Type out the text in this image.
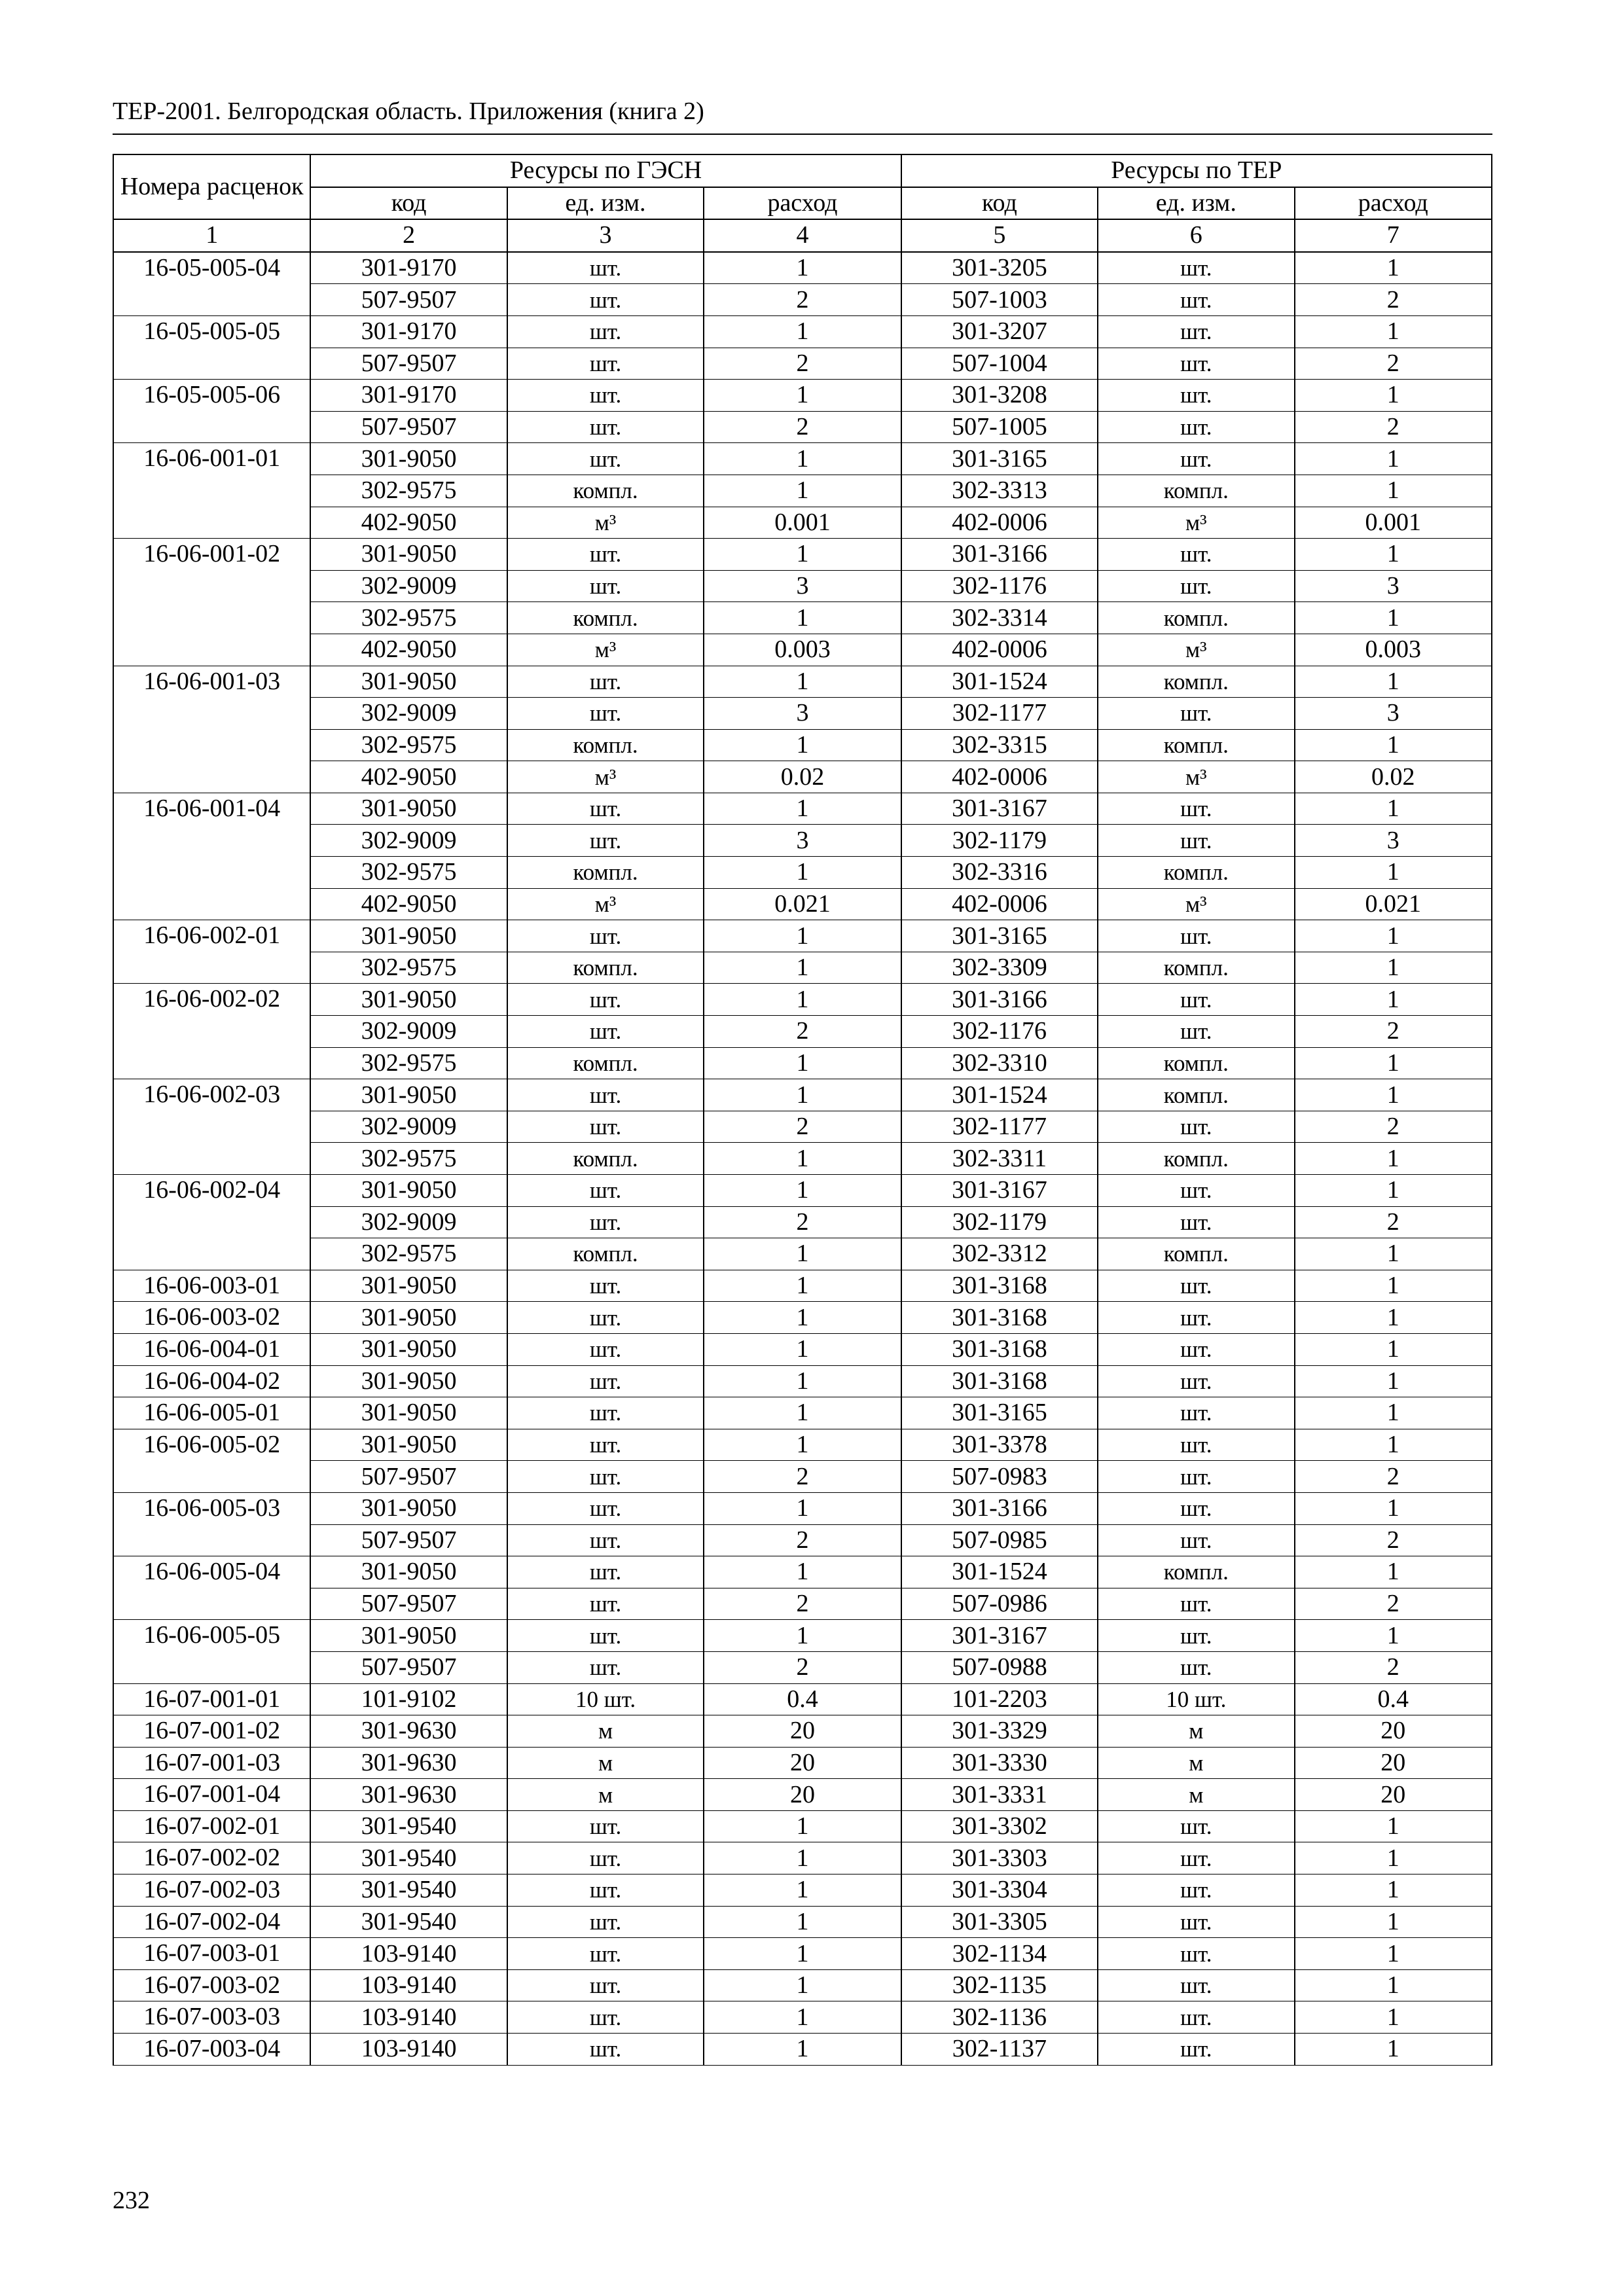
ТЕР-2001. Белгородская область. Приложения (книга 2)
Номера расценок	Ресурсы по ГЭСН			Ресурсы по ТЕР		
	код	ед. изм.	расход	код	ед. изм.	расход
1	2	3	4	5	6	7
16-05-005-04	301-9170	шт.	1	301-3205	шт.	1
	507-9507	шт.	2	507-1003	шт.	2
16-05-005-05	301-9170	шт.	1	301-3207	шт.	1
	507-9507	шт.	2	507-1004	шт.	2
16-05-005-06	301-9170	шт.	1	301-3208	шт.	1
	507-9507	шт.	2	507-1005	шт.	2
16-06-001-01	301-9050	шт.	1	301-3165	шт.	1
	302-9575	компл.	1	302-3313	компл.	1
	402-9050	м³	0.001	402-0006	м³	0.001
16-06-001-02	301-9050	шт.	1	301-3166	шт.	1
	302-9009	шт.	3	302-1176	шт.	3
	302-9575	компл.	1	302-3314	компл.	1
	402-9050	м³	0.003	402-0006	м³	0.003
16-06-001-03	301-9050	шт.	1	301-1524	компл.	1
	302-9009	шт.	3	302-1177	шт.	3
	302-9575	компл.	1	302-3315	компл.	1
	402-9050	м³	0.02	402-0006	м³	0.02
16-06-001-04	301-9050	шт.	1	301-3167	шт.	1
	302-9009	шт.	3	302-1179	шт.	3
	302-9575	компл.	1	302-3316	компл.	1
	402-9050	м³	0.021	402-0006	м³	0.021
16-06-002-01	301-9050	шт.	1	301-3165	шт.	1
	302-9575	компл.	1	302-3309	компл.	1
16-06-002-02	301-9050	шт.	1	301-3166	шт.	1
	302-9009	шт.	2	302-1176	шт.	2
	302-9575	компл.	1	302-3310	компл.	1
16-06-002-03	301-9050	шт.	1	301-1524	компл.	1
	302-9009	шт.	2	302-1177	шт.	2
	302-9575	компл.	1	302-3311	компл.	1
16-06-002-04	301-9050	шт.	1	301-3167	шт.	1
	302-9009	шт.	2	302-1179	шт.	2
	302-9575	компл.	1	302-3312	компл.	1
16-06-003-01	301-9050	шт.	1	301-3168	шт.	1
16-06-003-02	301-9050	шт.	1	301-3168	шт.	1
16-06-004-01	301-9050	шт.	1	301-3168	шт.	1
16-06-004-02	301-9050	шт.	1	301-3168	шт.	1
16-06-005-01	301-9050	шт.	1	301-3165	шт.	1
16-06-005-02	301-9050	шт.	1	301-3378	шт.	1
	507-9507	шт.	2	507-0983	шт.	2
16-06-005-03	301-9050	шт.	1	301-3166	шт.	1
	507-9507	шт.	2	507-0985	шт.	2
16-06-005-04	301-9050	шт.	1	301-1524	компл.	1
	507-9507	шт.	2	507-0986	шт.	2
16-06-005-05	301-9050	шт.	1	301-3167	шт.	1
	507-9507	шт.	2	507-0988	шт.	2
16-07-001-01	101-9102	10 шт.	0.4	101-2203	10 шт.	0.4
16-07-001-02	301-9630	м	20	301-3329	м	20
16-07-001-03	301-9630	м	20	301-3330	м	20
16-07-001-04	301-9630	м	20	301-3331	м	20
16-07-002-01	301-9540	шт.	1	301-3302	шт.	1
16-07-002-02	301-9540	шт.	1	301-3303	шт.	1
16-07-002-03	301-9540	шт.	1	301-3304	шт.	1
16-07-002-04	301-9540	шт.	1	301-3305	шт.	1
16-07-003-01	103-9140	шт.	1	302-1134	шт.	1
16-07-003-02	103-9140	шт.	1	302-1135	шт.	1
16-07-003-03	103-9140	шт.	1	302-1136	шт.	1
16-07-003-04	103-9140	шт.	1	302-1137	шт.	1
232
